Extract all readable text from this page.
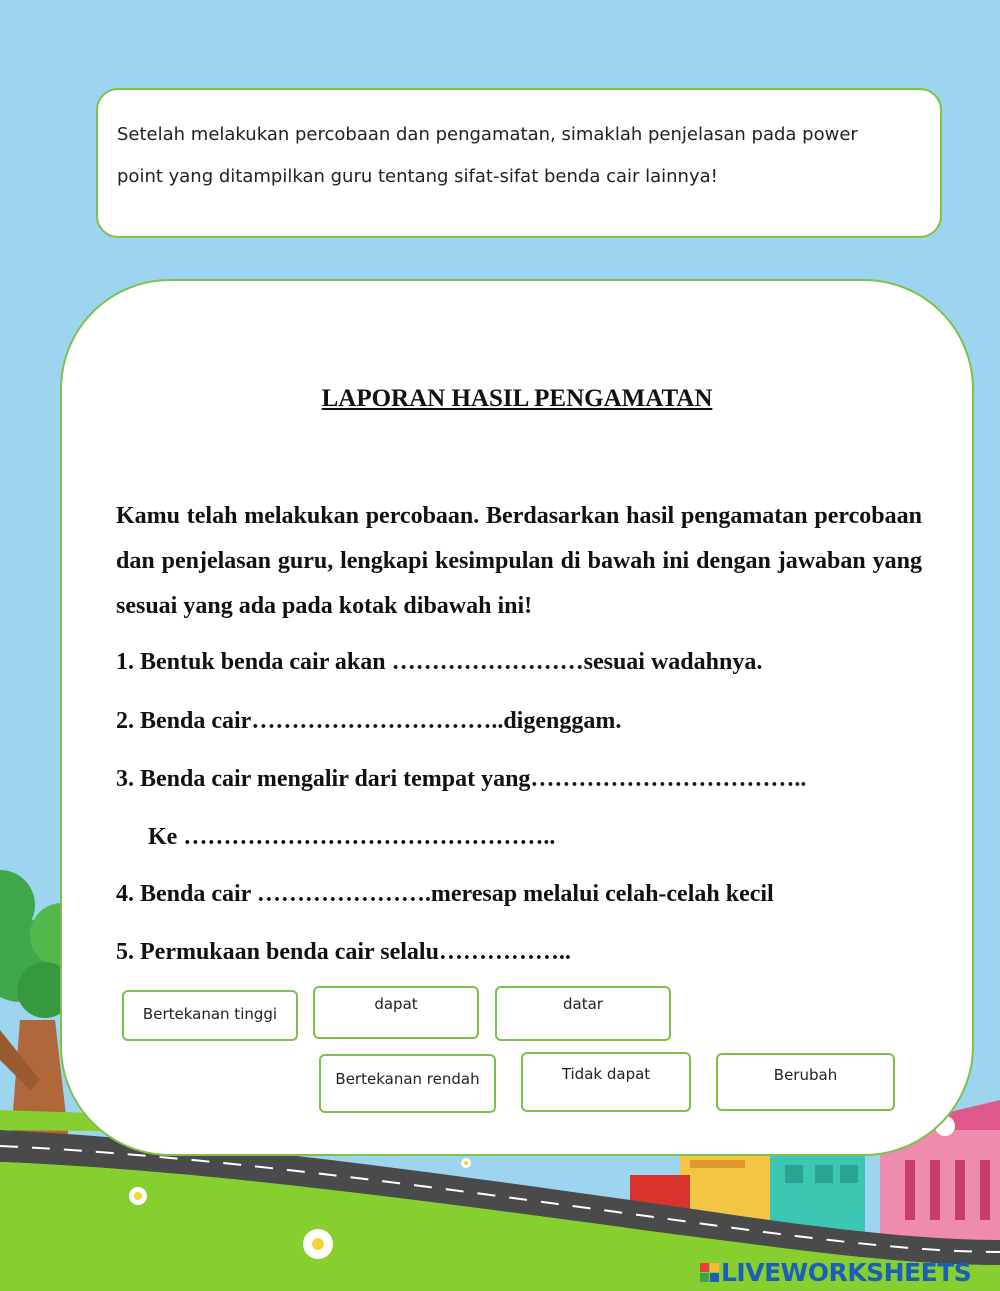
Setelah melakukan percobaan dan pengamatan, simaklah penjelasan pada power

point yang ditampilkan guru tentang sifat-sifat benda cair lainnya!

LAPORAN HASIL PENGAMATAN

Kamu telah melakukan percobaan. Berdasarkan hasil pengamatan percobaan dan penjelasan guru, lengkapi kesimpulan di bawah ini dengan jawaban yang sesuai yang ada pada kotak dibawah ini!

1. Bentuk benda cair akan ……………………sesuai wadahnya.

2. Benda cair…………………………..digenggam.

3. Benda cair mengalir dari tempat yang……………………………..

Ke ………………………………………..

4. Benda cair ………………….meresap melalui celah-celah kecil

5. Permukaan benda cair selalu……………..

Bertekanan tinggi
dapat	datar
Bertekanan rendah	Tidak dapat	Berubah
LIVEWORKSHEETS
